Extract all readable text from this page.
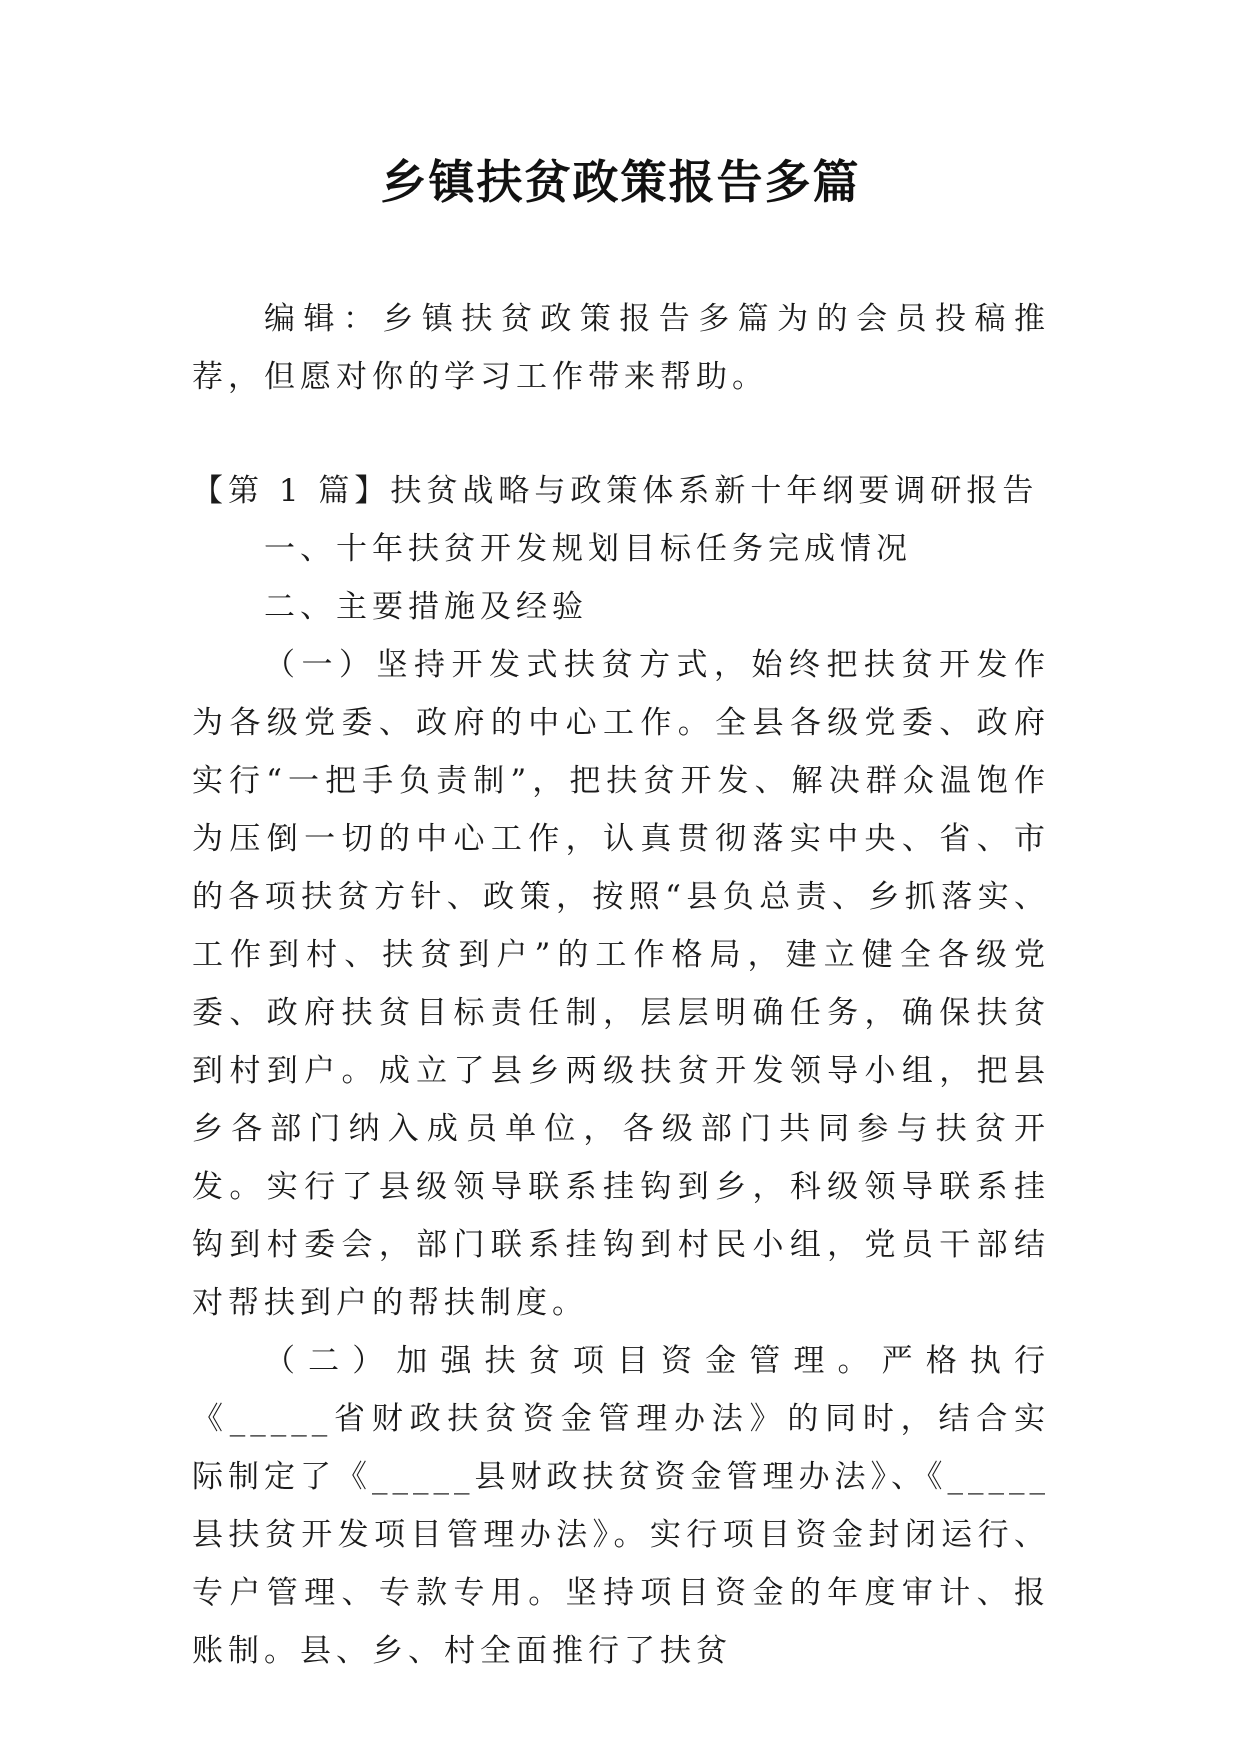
乡镇扶贫政策报告多篇

编辑：乡镇扶贫政策报告多篇为的会员投稿推荐，但愿对你的学习工作带来帮助。

【第 1 篇】扶贫战略与政策体系新十年纲要调研报告

一、十年扶贫开发规划目标任务完成情况

二、主要措施及经验

（一）坚持开发式扶贫方式，始终把扶贫开发作为各级党委、政府的中心工作。全县各级党委、政府实行“一把手负责制”，把扶贫开发、解决群众温饱作为压倒一切的中心工作，认真贯彻落实中央、省、市的各项扶贫方针、政策，按照“县负总责、乡抓落实、工作到村、扶贫到户”的工作格局，建立健全各级党委、政府扶贫目标责任制，层层明确任务，确保扶贫到村到户。成立了县乡两级扶贫开发领导小组，把县乡各部门纳入成员单位，各级部门共同参与扶贫开发。实行了县级领导联系挂钩到乡，科级领导联系挂钩到村委会，部门联系挂钩到村民小组，党员干部结对帮扶到户的帮扶制度。

（二）加强扶贫项目资金管理。严格执行《_____省财政扶贫资金管理办法》的同时，结合实际制定了《_____县财政扶贫资金管理办法》、《_____县扶贫开发项目管理办法》。实行项目资金封闭运行、专户管理、专款专用。坚持项目资金的年度审计、报账制。县、乡、村全面推行了扶贫
